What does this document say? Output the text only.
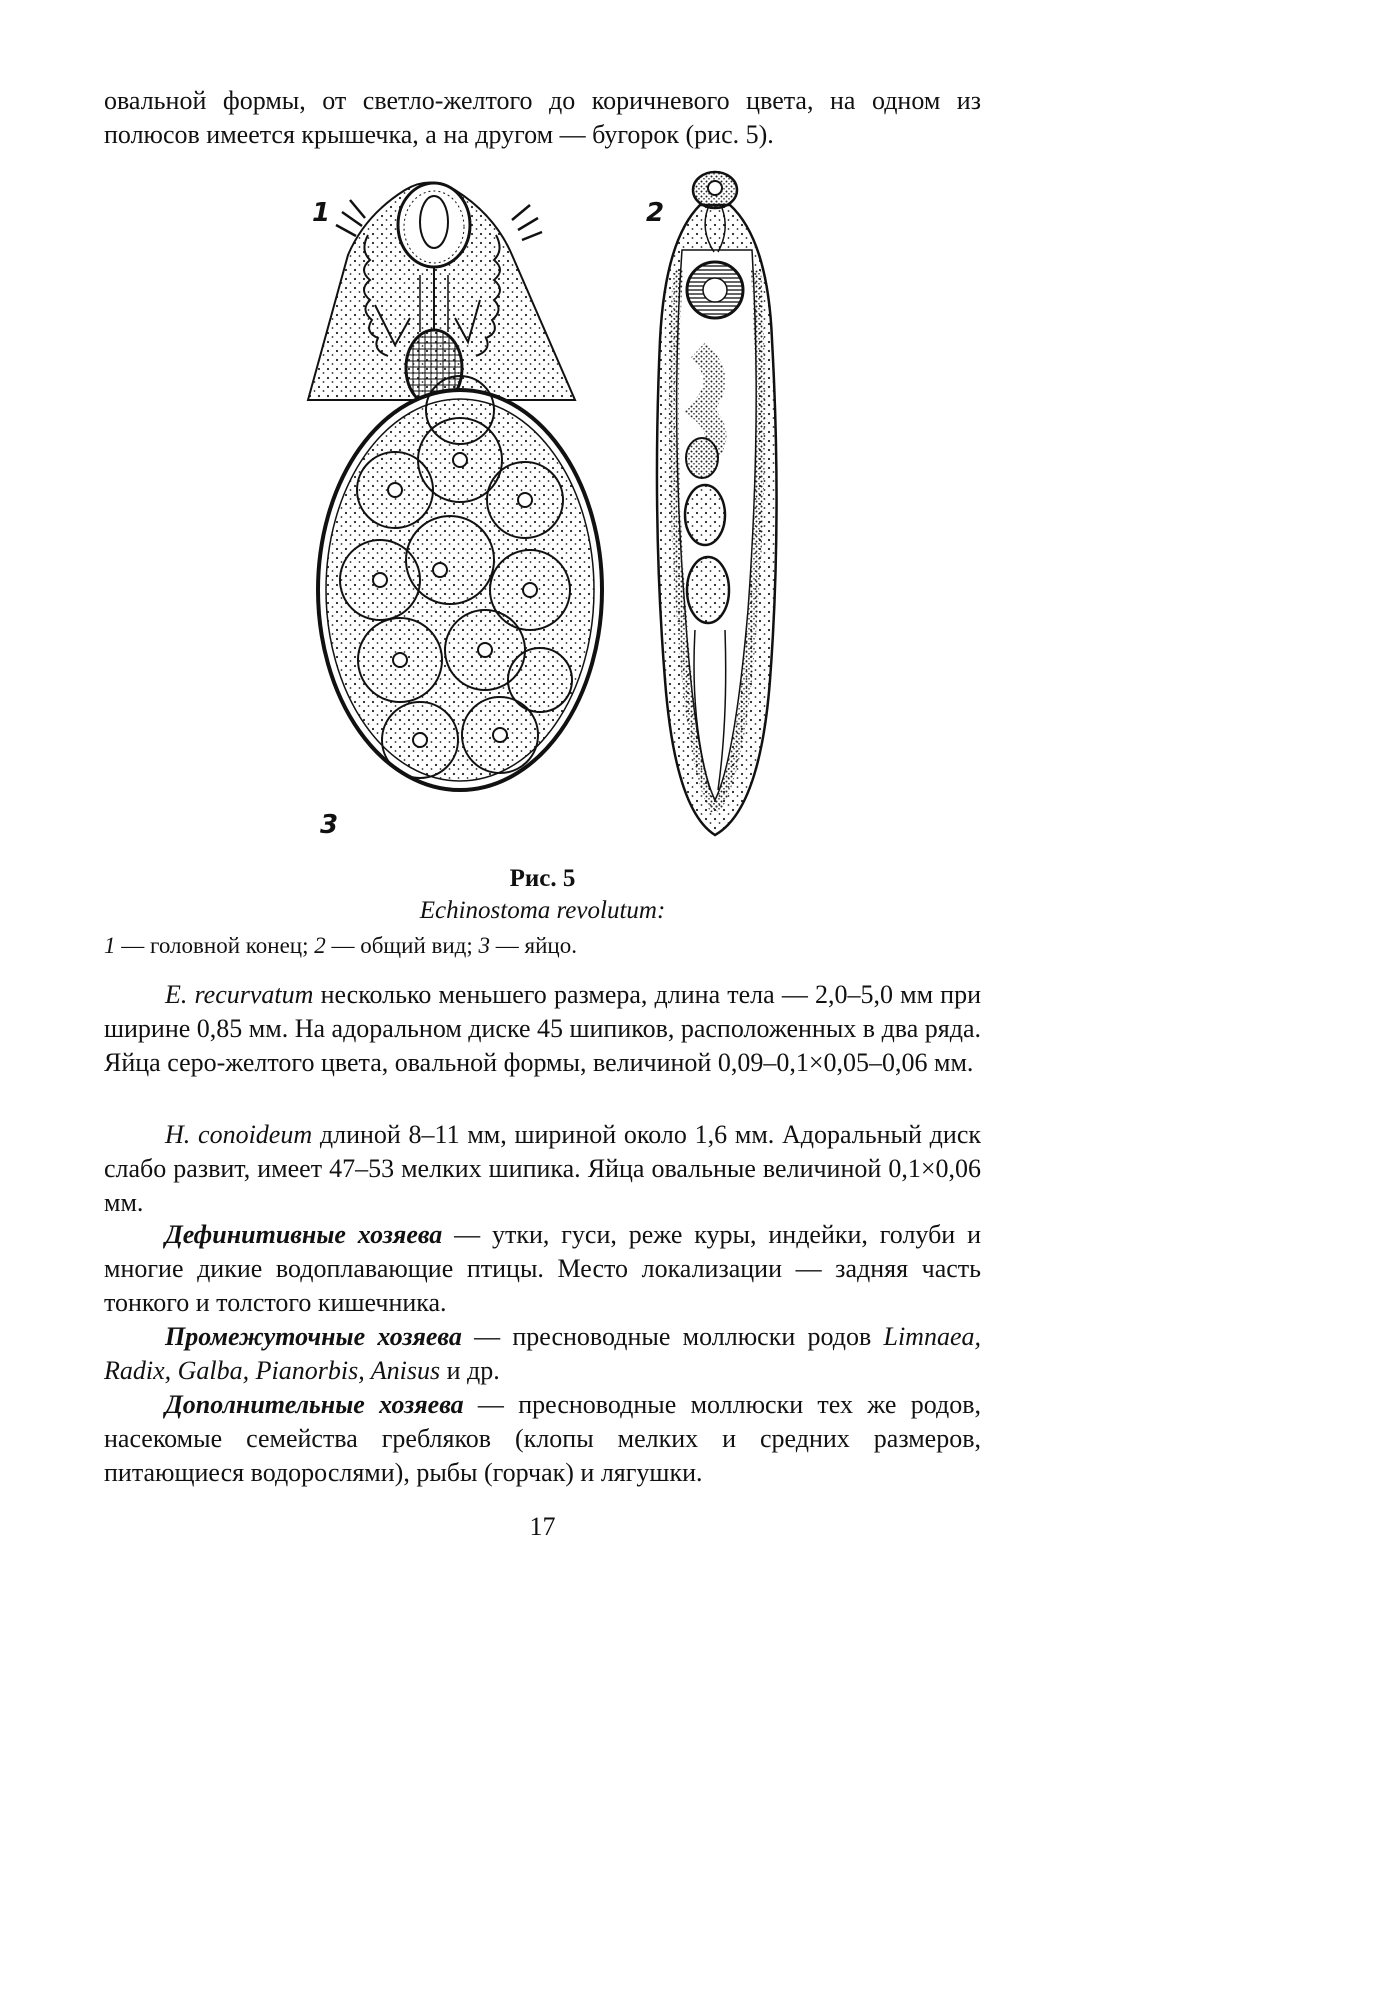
овальной формы, от светло-желтого до коричневого цвета, на одном из полюсов имеется крышечка, а на другом — бугорок (рис. 5).

1	2
3

Рис. 5

Echinostoma revolutum:

1 — головной конец; 2 — общий вид; 3 — яйцо.

E. recurvatum несколько меньшего размера, длина тела — 2,0–5,0 мм при ширине 0,85 мм. На адоральном диске 45 шипиков, расположенных в два ряда. Яйца серо-желтого цвета, овальной формы, величиной 0,09–0,1×0,05–0,06 мм.

H. conoideum длиной 8–11 мм, шириной около 1,6 мм. Адоральный диск слабо развит, имеет 47–53 мелких шипика. Яйца овальные величиной 0,1×0,06 мм.

Дефинитивные хозяева — утки, гуси, реже куры, индейки, голуби и многие дикие водоплавающие птицы. Место локализации — задняя часть тонкого и толстого кишечника.

Промежуточные хозяева — пресноводные моллюски родов Limnaea, Radix, Galba, Pianorbis, Anisus и др.

Дополнительные хозяева — пресноводные моллюски тех же родов, насекомые семейства гребляков (клопы мелких и средних размеров, питающиеся водорослями), рыбы (горчак) и лягушки.

17
